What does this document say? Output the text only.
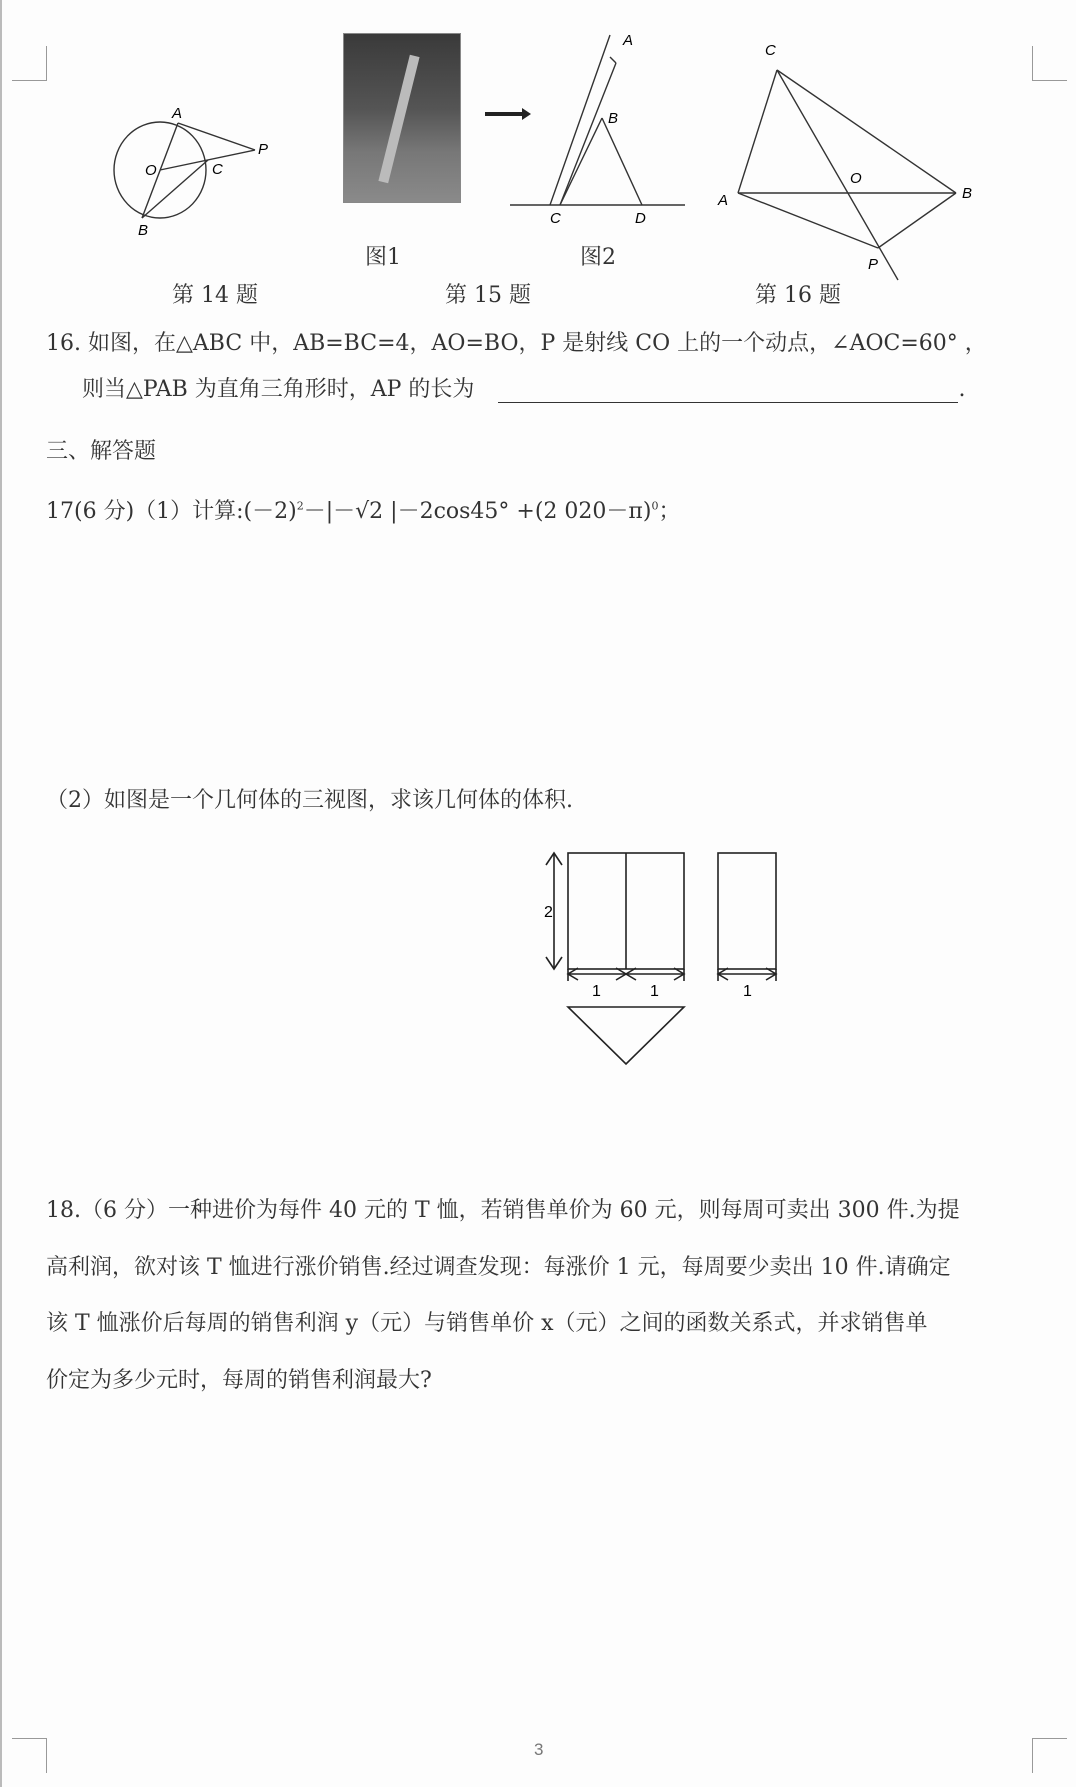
A
O	C
P
B
A
B
C	D
C
O
A	B
P
图1	图2
第 14 题	第 15 题	第 16 题
16. 如图，在△ABC 中，AB=BC=4，AO=BO，P 是射线 CO 上的一个动点，∠AOC=60° ，
则当△PAB 为直角三角形时，AP 的长为	.
三、解答题
17(6 分)（1）计算$:(-2)^2-|-√2$ |－2cos45° +(2 020－π)$^0$；
（2）如图是一个几何体的三视图，求该几何体的体积.
2
1	1	1
18.（6 分）一种进价为每件 40 元的 T 恤，若销售单价为 60 元，则每周可卖出 300 件.为提
高利润，欲对该 T 恤进行涨价销售.经过调查发现：每涨价 1 元，每周要少卖出 10 件.请确定
该 T 恤涨价后每周的销售利润 y（元）与销售单价 x（元）之间的函数关系式，并求销售单
价定为多少元时，每周的销售利润最大?
3
